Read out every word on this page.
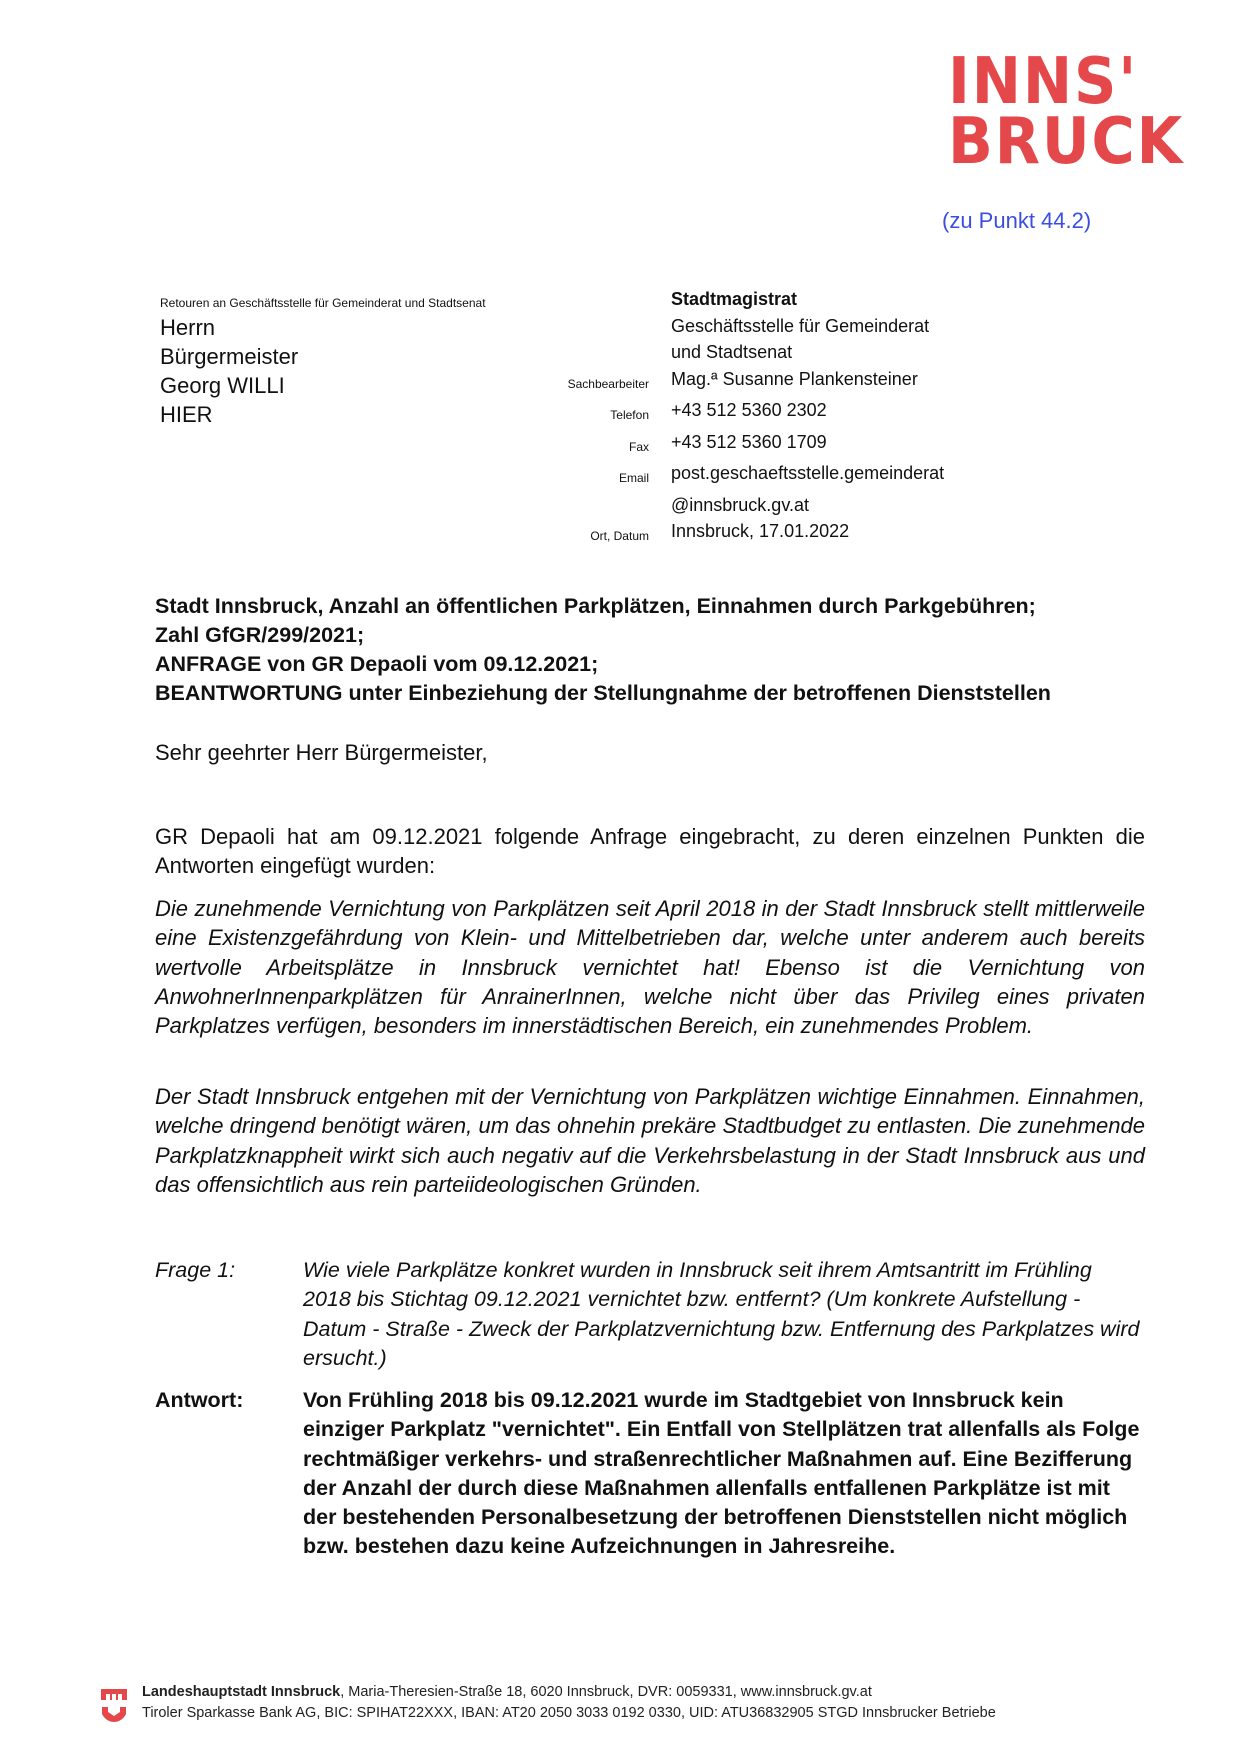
INNS'
BRUCK
(zu Punkt 44.2)
Retouren an Geschäftsstelle für Gemeinderat und Stadtsenat
Herrn
Bürgermeister
Georg WILLI
HIER
Stadtmagistrat
Geschäftsstelle für Gemeinderat
und Stadtsenat
Sachbearbeiter	Mag.ª Susanne Plankensteiner
Telefon	+43 512 5360 2302
Fax	+43 512 5360 1709
Email	post.geschaeftsstelle.gemeinderat
@innsbruck.gv.at
Ort, Datum	Innsbruck, 17.01.2022
Stadt Innsbruck, Anzahl an öffentlichen Parkplätzen, Einnahmen durch Parkgebühren;
Zahl GfGR/299/2021;
ANFRAGE von GR Depaoli vom 09.12.2021;
BEANTWORTUNG unter Einbeziehung der Stellungnahme der betroffenen Dienststellen
Sehr geehrter Herr Bürgermeister,
GR Depaoli hat am 09.12.2021 folgende Anfrage eingebracht, zu deren einzelnen Punkten die Antworten eingefügt wurden:
Die zunehmende Vernichtung von Parkplätzen seit April 2018 in der Stadt Innsbruck stellt mittlerweile eine Existenzgefährdung von Klein- und Mittelbetrieben dar, welche unter anderem auch bereits wertvolle Arbeitsplätze in Innsbruck vernichtet hat! Ebenso ist die Vernichtung von AnwohnerInnenparkplätzen für AnrainerInnen, welche nicht über das Privileg eines privaten Parkplatzes verfügen, besonders im innerstädtischen Bereich, ein zunehmendes Problem.
Der Stadt Innsbruck entgehen mit der Vernichtung von Parkplätzen wichtige Einnahmen. Einnahmen, welche dringend benötigt wären, um das ohnehin prekäre Stadtbudget zu entlasten. Die zunehmende Parkplatzknappheit wirkt sich auch negativ auf die Verkehrsbelastung in der Stadt Innsbruck aus und das offensichtlich aus rein parteiideologischen Gründen.
Frage 1:	Wie viele Parkplätze konkret wurden in Innsbruck seit ihrem Amtsantritt im Frühling 2018 bis Stichtag 09.12.2021 vernichtet bzw. entfernt? (Um konkrete Aufstellung - Datum - Straße - Zweck der Parkplatzvernichtung bzw. Entfernung des Parkplatzes wird ersucht.)
Antwort:	Von Frühling 2018 bis 09.12.2021 wurde im Stadtgebiet von Innsbruck kein einziger Parkplatz "vernichtet". Ein Entfall von Stellplätzen trat allenfalls als Folge rechtmäßiger verkehrs- und straßenrechtlicher Maßnahmen auf. Eine Bezifferung der Anzahl der durch diese Maßnahmen allenfalls entfallenen Parkplätze ist mit der bestehenden Personalbesetzung der betroffenen Dienststellen nicht möglich bzw. bestehen dazu keine Aufzeichnungen in Jahresreihe.
Landeshauptstadt Innsbruck, Maria-Theresien-Straße 18, 6020 Innsbruck, DVR: 0059331, www.innsbruck.gv.at
Tiroler Sparkasse Bank AG, BIC: SPIHAT22XXX, IBAN: AT20 2050 3033 0192 0330, UID: ATU36832905 STGD Innsbrucker Betriebe
